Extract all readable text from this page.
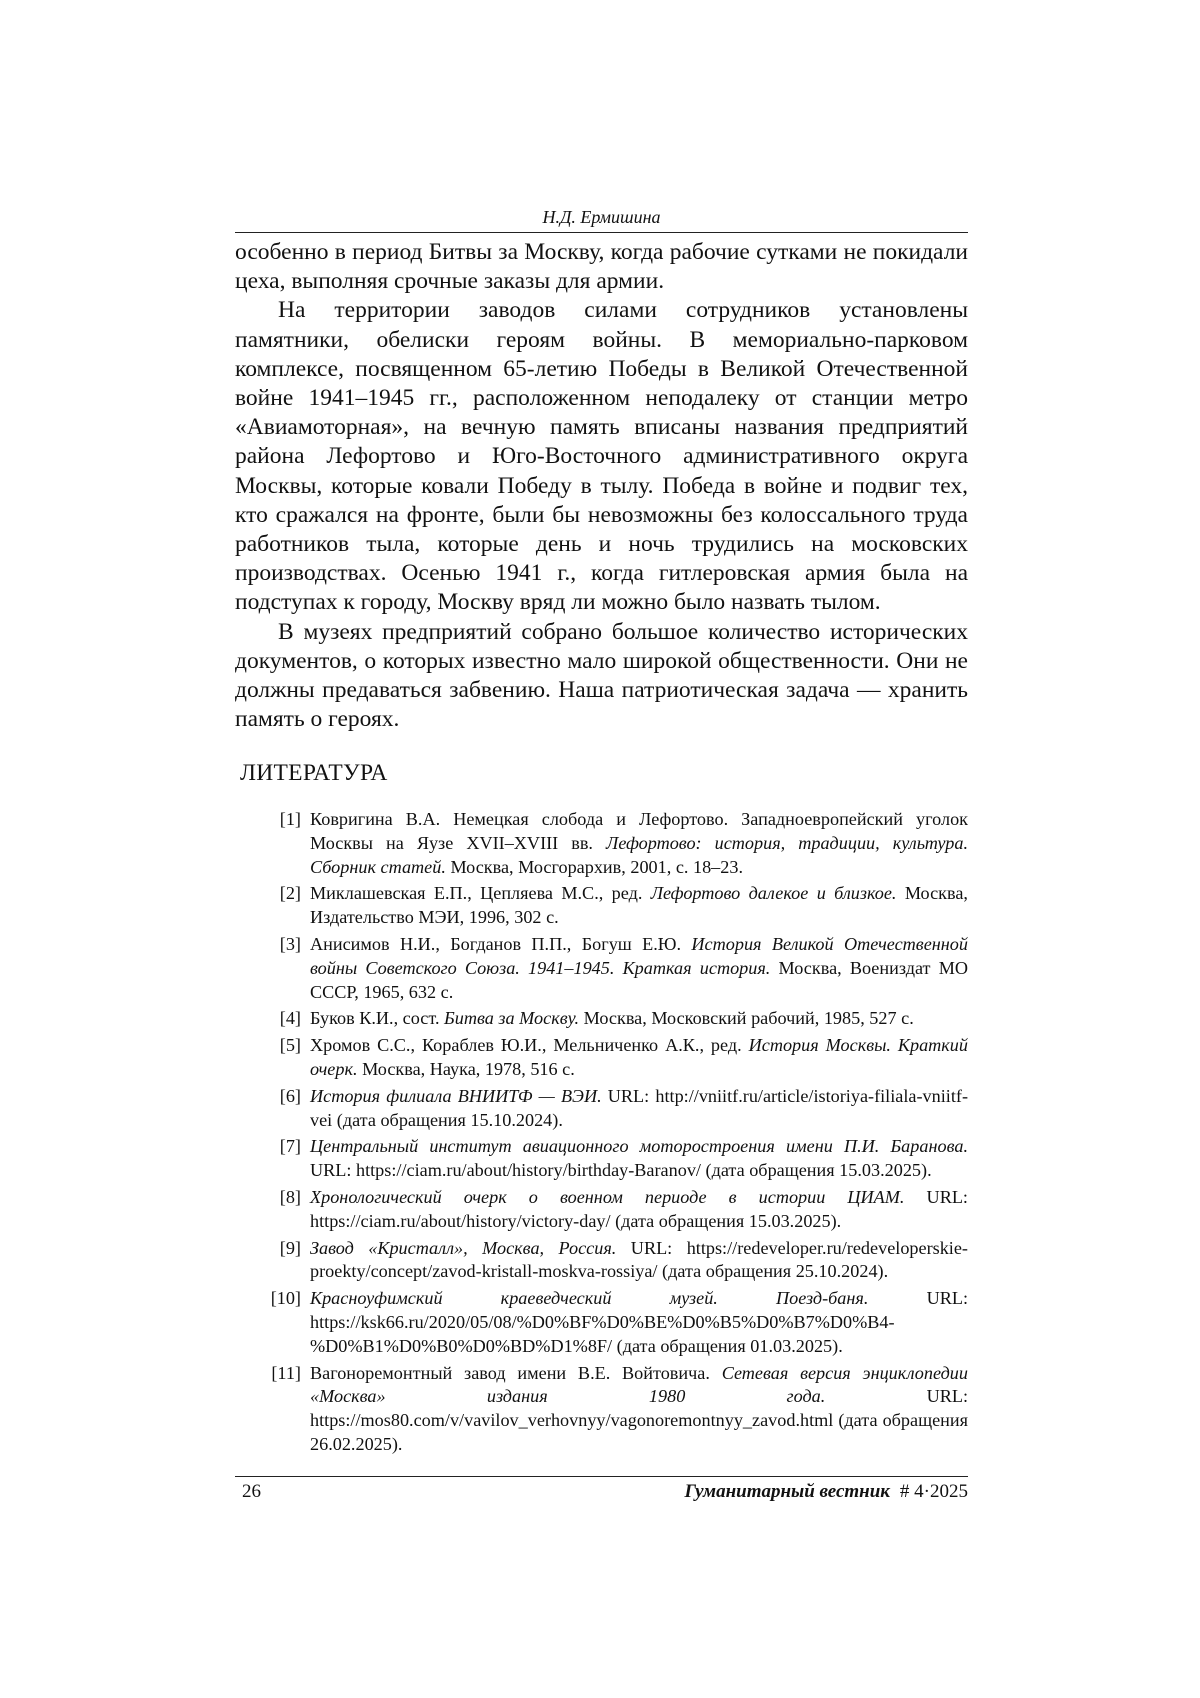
Н.Д. Ермишина

особенно в период Битвы за Москву, когда рабочие сутками не покидали цеха, выполняя срочные заказы для армии.

На территории заводов силами сотрудников установлены памятники, обелиски героям войны. В мемориально-парковом комплексе, посвященном 65-летию Победы в Великой Отечественной войне 1941–1945 гг., расположенном неподалеку от станции метро «Авиамоторная», на вечную память вписаны названия предприятий района Лефортово и Юго-Восточного административного округа Москвы, которые ковали Победу в тылу. Победа в войне и подвиг тех, кто сражался на фронте, были бы невозможны без колоссального труда работников тыла, которые день и ночь трудились на московских производствах. Осенью 1941 г., когда гитлеровская армия была на подступах к городу, Москву вряд ли можно было назвать тылом.

В музеях предприятий собрано большое количество исторических документов, о которых известно мало широкой общественности. Они не должны предаваться забвению. Наша патриотическая задача — хранить память о героях.

ЛИТЕРАТУРА
[1] Ковригина В.А. Немецкая слобода и Лефортово. Западноевропейский уголок Москвы на Яузе XVII–XVIII вв. Лефортово: история, традиции, культура. Сборник статей. Москва, Мосгорархив, 2001, с. 18–23.
[2] Миклашевская Е.П., Цепляева М.С., ред. Лефортово далекое и близкое. Москва, Издательство МЭИ, 1996, 302 с.
[3] Анисимов Н.И., Богданов П.П., Богуш Е.Ю. История Великой Отечественной войны Советского Союза. 1941–1945. Краткая история. Москва, Воениздат МО СССР, 1965, 632 с.
[4] Буков К.И., сост. Битва за Москву. Москва, Московский рабочий, 1985, 527 с.
[5] Хромов С.С., Кораблев Ю.И., Мельниченко А.К., ред. История Москвы. Краткий очерк. Москва, Наука, 1978, 516 с.
[6] История филиала ВНИИТФ — ВЭИ. URL: http://vniitf.ru/article/istoriya-filiala-vniitf-vei (дата обращения 15.10.2024).
[7] Центральный институт авиационного моторостроения имени П.И. Баранова. URL: https://ciam.ru/about/history/birthday-Baranov/ (дата обращения 15.03.2025).
[8] Хронологический очерк о военном периоде в истории ЦИАМ. URL: https://ciam.ru/about/history/victory-day/ (дата обращения 15.03.2025).
[9] Завод «Кристалл», Москва, Россия. URL: https://redeveloper.ru/redeveloperskie-proekty/concept/zavod-kristall-moskva-rossiya/ (дата обращения 25.10.2024).
[10] Красноуфимский краеведческий музей. Поезд-баня. URL: https://ksk66.ru/2020/05/08/%D0%BF%D0%BE%D0%B5%D0%B7%D0%B4-%D0%B1%D0%B0%D0%BD%D1%8F/ (дата обращения 01.03.2025).
[11] Вагоноремонтный завод имени В.Е. Войтовича. Сетевая версия энциклопедии «Москва» издания 1980 года. URL: https://mos80.com/v/vavilov_verhovnyy/vagonoremontnyy_zavod.html (дата обращения 26.02.2025).
26	Гуманитарный вестник # 4·2025
